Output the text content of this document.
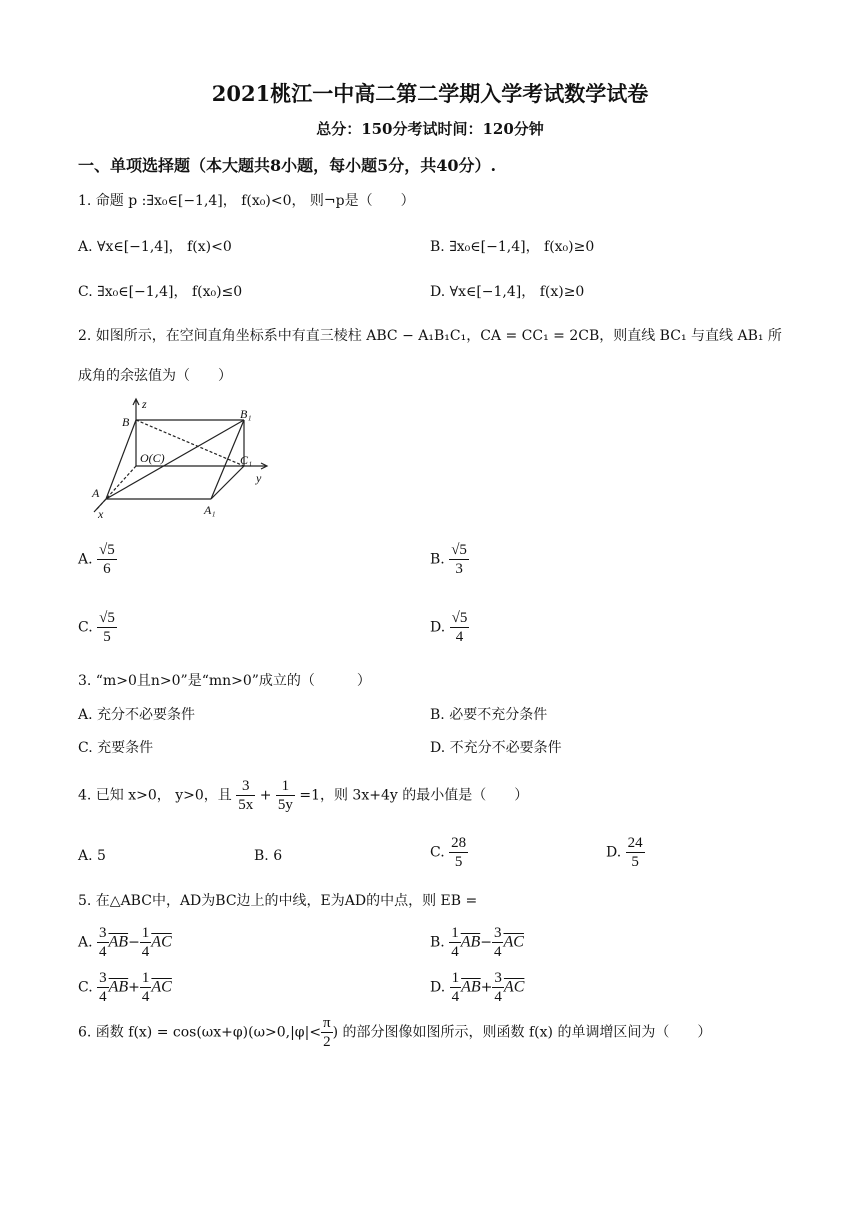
2021桃江一中高二第二学期入学考试数学试卷
总分：150分考试时间：120分钟
一、单项选择题（本大题共8小题，每小题5分，共40分）.
1. 命题 p :∃x₀∈[−1,4]， f(x₀)<0， 则¬p是（　　）
A. ∀x∈[−1,4]， f(x)<0	B. ∃x₀∈[−1,4]， f(x₀)≥0
C. ∃x₀∈[−1,4]， f(x₀)≤0	D. ∀x∈[−1,4]， f(x)≥0
2. 如图所示，在空间直角坐标系中有直三棱柱 ABC − A₁B₁C₁，CA = CC₁ = 2CB，则直线 BC₁ 与直线 AB₁ 所
成角的余弦值为（　　）
z
y
x
B
B₁
O(C)	C₁
A
A₁
A. $\frac{√5}{6}$	B. $\frac{√5}{3}$
C. $\frac{√5}{5}$	D. $\frac{√5}{4}$
3. “m>0且n>0”是“mn>0”成立的（　　　）
A. 充分不必要条件	B. 必要不充分条件
C. 充要条件	D. 不充分不必要条件
4. 已知 x>0， y>0，且 $\frac{3}{5x} + \frac{1}{5y} =1$，则 3x+4y 的最小值是（　　）
A. 5	B. 6	C. $\frac{28}{5}$	D. $\frac{24}{5}$
5. 在△ABC中，AD为BC边上的中线，E为AD的中点，则 EB =
A. $\frac{3}{4} \overline{AB}- \frac{1}{4} \overline{AC}$	B. $\frac{1}{4} \overline{AB}- \frac{3}{4} \overline{AC}$
C. $\frac{3}{4} \overline{AB}+ \frac{1}{4} \overline{AC}$	D. $\frac{1}{4} \overline{AB}+ \frac{3}{4} \overline{AC}$
6. 函数 $f(x) = \cos(\omega x+\varphi)(\omega>0,|\varphi|< \frac{\pi}{2}$ ) 的部分图像如图所示，则函数 f(x) 的单调增区间为（　　）
